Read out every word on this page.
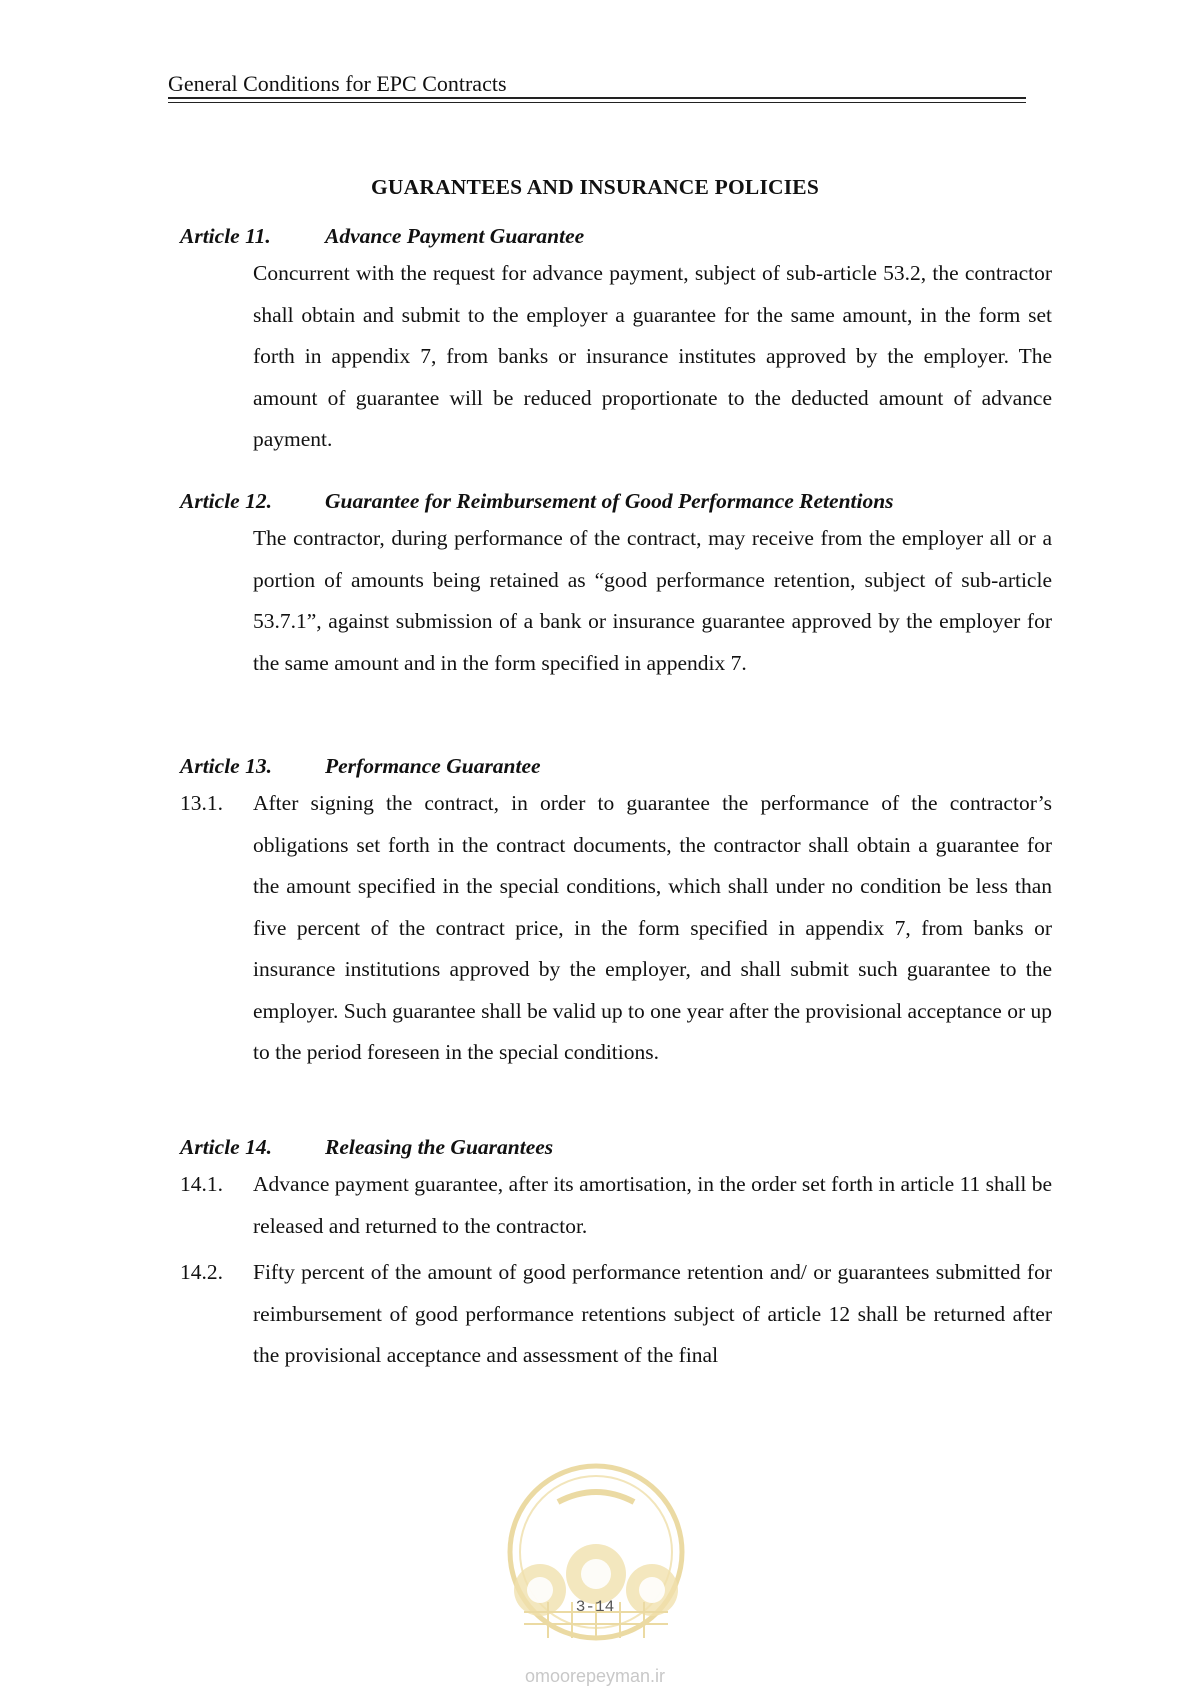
General Conditions for EPC Contracts
GUARANTEES AND INSURANCE POLICIES
Article 11.	Advance Payment Guarantee
Concurrent with the request for advance payment, subject of sub-article 53.2, the contractor shall obtain and submit to the employer a guarantee for the same amount, in the form set forth in appendix 7, from banks or insurance institutes approved by the employer. The amount of guarantee will be reduced proportionate to the deducted amount of advance payment.
Article 12. Guarantee for Reimbursement of Good Performance Retentions
The contractor, during performance of the contract, may receive from the employer all or a portion of amounts being retained as “good performance retention, subject of sub-article 53.7.1”, against submission of a bank or insurance guarantee approved by the employer for the same amount and in the form specified in appendix 7.
Article 13. Performance Guarantee
13.1. After signing the contract, in order to guarantee the performance of the contractor’s obligations set forth in the contract documents, the contractor shall obtain a guarantee for the amount specified in the special conditions, which shall under no condition be less than five percent of the contract price, in the form specified in appendix 7, from banks or insurance institutions approved by the employer, and shall submit such guarantee to the employer. Such guarantee shall be valid up to one year after the provisional acceptance or up to the period foreseen in the special conditions.
Article 14. Releasing the Guarantees
14.1. Advance payment guarantee, after its amortisation, in the order set forth in article 11 shall be released and returned to the contractor.
14.2. Fifty percent of the amount of good performance retention and/ or guarantees submitted for reimbursement of good performance retentions subject of article 12 shall be returned after the provisional acceptance and assessment of the final
3-14
omoorepeyman.ir
